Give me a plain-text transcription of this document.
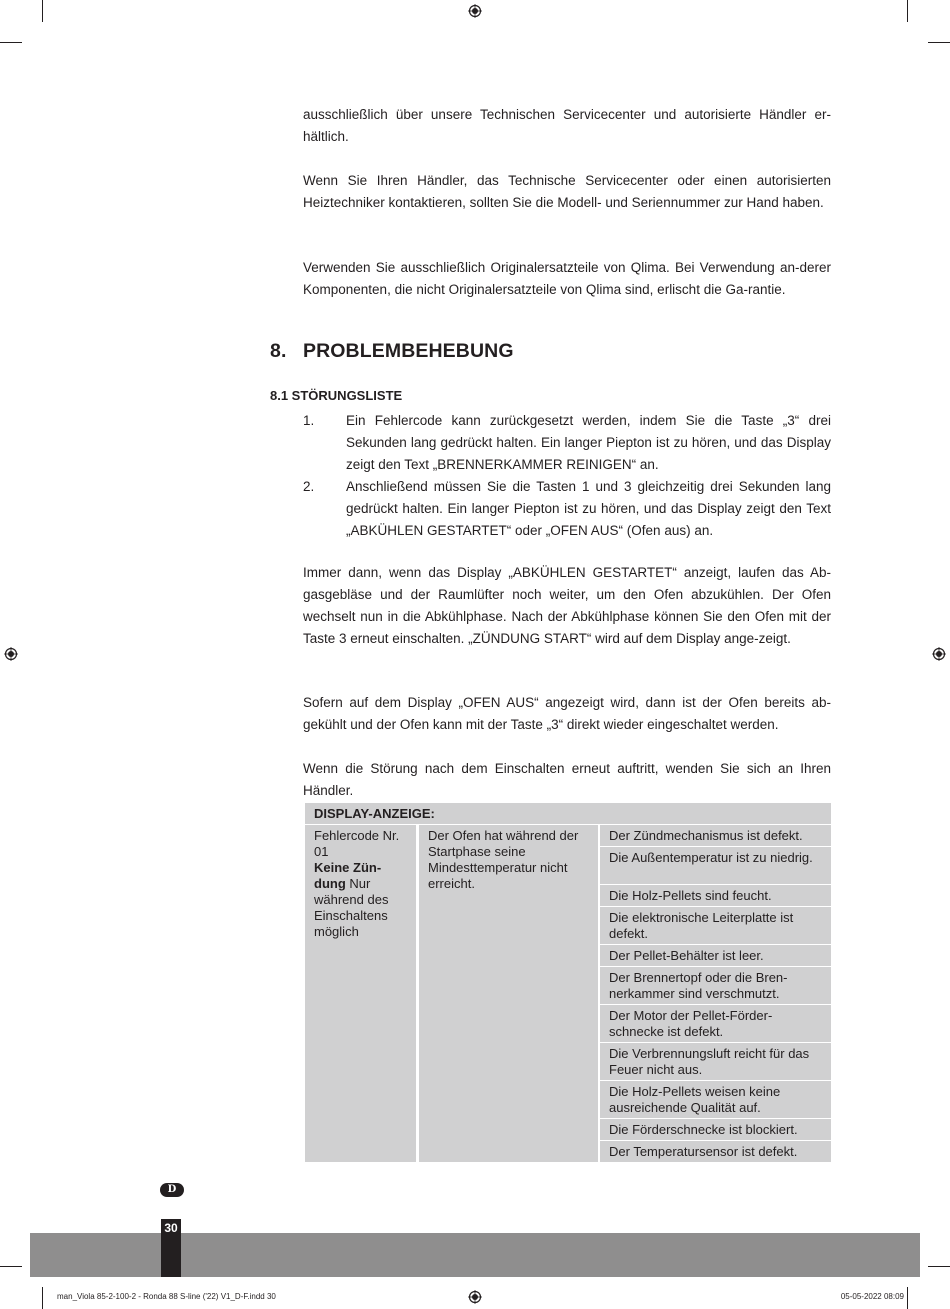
ausschließlich über unsere Technischen Servicecenter und autorisierte Händler er-hältlich.

Wenn Sie Ihren Händler, das Technische Servicecenter oder einen autorisierten Heiztechniker kontaktieren, sollten Sie die Modell- und Seriennummer zur Hand haben.

Verwenden Sie ausschließlich Originalersatzteile von Qlima. Bei Verwendung an-derer Komponenten, die nicht Originalersatzteile von Qlima sind, erlischt die Ga-rantie.

8. PROBLEMBEHEBUNG
8.1 STÖRUNGSLISTE
1. Ein Fehlercode kann zurückgesetzt werden, indem Sie die Taste „3“ drei Sekunden lang gedrückt halten. Ein langer Piepton ist zu hören, und das Display zeigt den Text „BRENNERKAMMER REINIGEN“ an.
2. Anschließend müssen Sie die Tasten 1 und 3 gleichzeitig drei Sekunden lang gedrückt halten. Ein langer Piepton ist zu hören, und das Display zeigt den Text „ABKÜHLEN GESTARTET“ oder „OFEN AUS“ (Ofen aus) an.

Immer dann, wenn das Display „ABKÜHLEN GESTARTET“ anzeigt, laufen das Ab-gasgebläse und der Raumlüfter noch weiter, um den Ofen abzukühlen. Der Ofen wechselt nun in die Abkühlphase. Nach der Abkühlphase können Sie den Ofen mit der Taste 3 erneut einschalten. „ZÜNDUNG START“ wird auf dem Display ange-zeigt.

Sofern auf dem Display „OFEN AUS“ angezeigt wird, dann ist der Ofen bereits ab-gekühlt und der Ofen kann mit der Taste „3“ direkt wieder eingeschaltet werden.

Wenn die Störung nach dem Einschalten erneut auftritt, wenden Sie sich an Ihren Händler.

DISPLAY-ANZEIGE:
Fehlercode Nr. 01
Keine Zün-dung Nur während des Einschaltens möglich
Der Ofen hat während der Startphase seine Mindesttemperatur nicht erreicht.
Der Zündmechanismus ist defekt.
Die Außentemperatur ist zu niedrig.
Die Holz-Pellets sind feucht.
Die elektronische Leiterplatte ist defekt.
Der Pellet-Behälter ist leer.
Der Brennertopf oder die Bren-nerkammer sind verschmutzt.
Der Motor der Pellet-Förder-schnecke ist defekt.
Die Verbrennungsluft reicht für das Feuer nicht aus.
Die Holz-Pellets weisen keine ausreichende Qualität auf.
Die Förderschnecke ist blockiert.
Der Temperatursensor ist defekt.
D
30
man_Viola 85-2-100-2 - Ronda 88 S-line ('22) V1_D-F.indd 30	05-05-2022 08:09
